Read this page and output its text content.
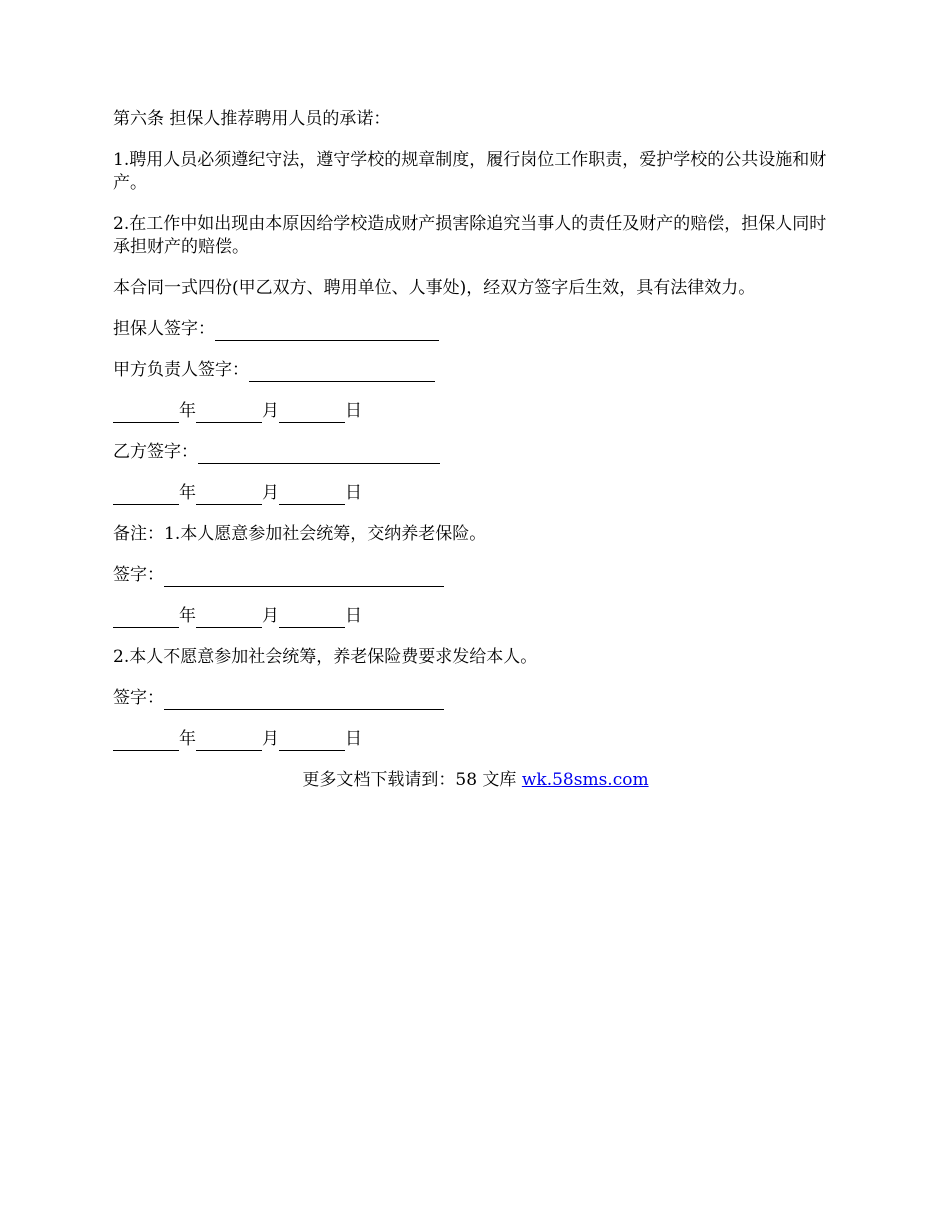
第六条 担保人推荐聘用人员的承诺：

1.聘用人员必须遵纪守法，遵守学校的规章制度，履行岗位工作职责，爱护学校的公共设施和财产。

2.在工作中如出现由本原因给学校造成财产损害除追究当事人的责任及财产的赔偿，担保人同时承担财产的赔偿。

本合同一式四份(甲乙双方、聘用单位、人事处)，经双方签字后生效，具有法律效力。

担保人签字：
甲方负责人签字：
年	月	日
乙方签字：
年	月	日

备注：1.本人愿意参加社会统筹，交纳养老保险。

签字：
年	月	日

2.本人不愿意参加社会统筹，养老保险费要求发给本人。

签字：
年	月	日
更多文档下载请到：58 文库 wk.58sms.com
